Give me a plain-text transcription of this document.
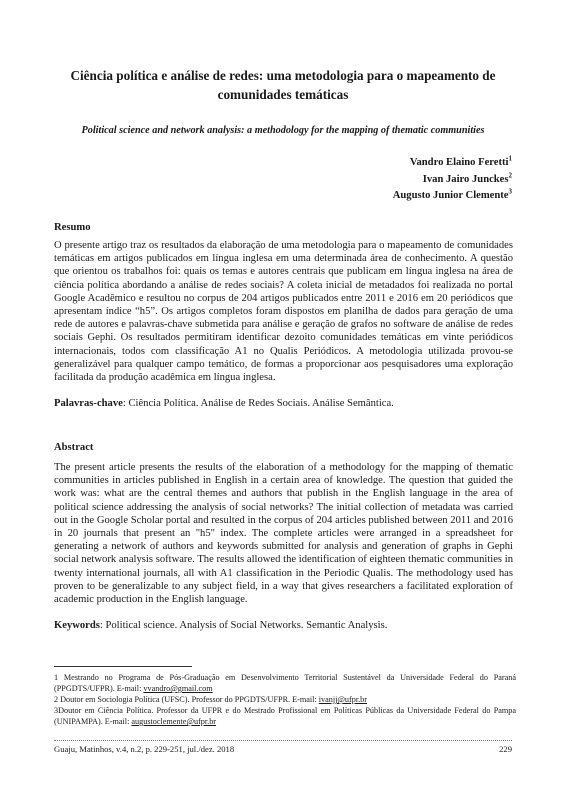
Ciência política e análise de redes: uma metodologia para o mapeamento de comunidades temáticas

Political science and network analysis: a methodology for the mapping of thematic communities

Vandro Elaino Feretti$^1$
Ivan Jairo Junckes$^2$
Augusto Junior Clemente$^3$
Resumo

O presente artigo traz os resultados da elaboração de uma metodologia para o mapeamento de comunidades temáticas em artigos publicados em língua inglesa em uma determinada área de conhecimento. A questão que orientou os trabalhos foi: quais os temas e autores centrais que publicam em língua inglesa na área de ciência política abordando a análise de redes sociais? A coleta inicial de metadados foi realizada no portal Google Acadêmico e resultou no corpus de 204 artigos publicados entre 2011 e 2016 em 20 periódicos que apresentam índice “h5”. Os artigos completos foram dispostos em planilha de dados para geração de uma rede de autores e palavras-chave submetida para análise e geração de grafos no software de análise de redes sociais Gephi. Os resultados permitiram identificar dezoito comunidades temáticas em vinte periódicos internacionais, todos com classificação A1 no Qualis Periódicos. A metodologia utilizada provou-se generalizável para qualquer campo temático, de formas a proporcionar aos pesquisadores uma exploração facilitada da produção acadêmica em língua inglesa.

Palavras-chave: Ciência Política. Análise de Redes Sociais. Análise Semântica.

Abstract

The present article presents the results of the elaboration of a methodology for the mapping of thematic communities in articles published in English in a certain area of knowledge. The question that guided the work was: what are the central themes and authors that publish in the English language in the area of political science addressing the analysis of social networks? The initial collection of metadata was carried out in the Google Scholar portal and resulted in the corpus of 204 articles published between 2011 and 2016 in 20 journals that present an "h5" index. The complete articles were arranged in a spreadsheet for generating a network of authors and keywords submitted for analysis and generation of graphs in Gephi social network analysis software. The results allowed the identification of eighteen thematic communities in twenty international journals, all with A1 classification in the Periodic Qualis. The methodology used has proven to be generalizable to any subject field, in a way that gives researchers a facilitated exploration of academic production in the English language.

Keywords: Political science. Analysis of Social Networks. Semantic Analysis.

1 Mestrando no Programa de Pós-Graduação em Desenvolvimento Territorial Sustentável da Universidade Federal do Paraná (PPGDTS/UFPR). E-mail: vvandro@gmail.com

2 Doutor em Sociologia Política (UFSC). Professor do PPGDTS/UFPR. E-mail: ivanjj@ufpr.br

3Doutor em Ciência Política. Professor da UFPR e do Mestrado Profissional em Políticas Públicas da Universidade Federal do Pampa (UNIPAMPA). E-mail: augustoclemente@ufpr.br

Guaju, Matinhos, v.4, n.2, p. 229-251, jul./dez. 2018	229
